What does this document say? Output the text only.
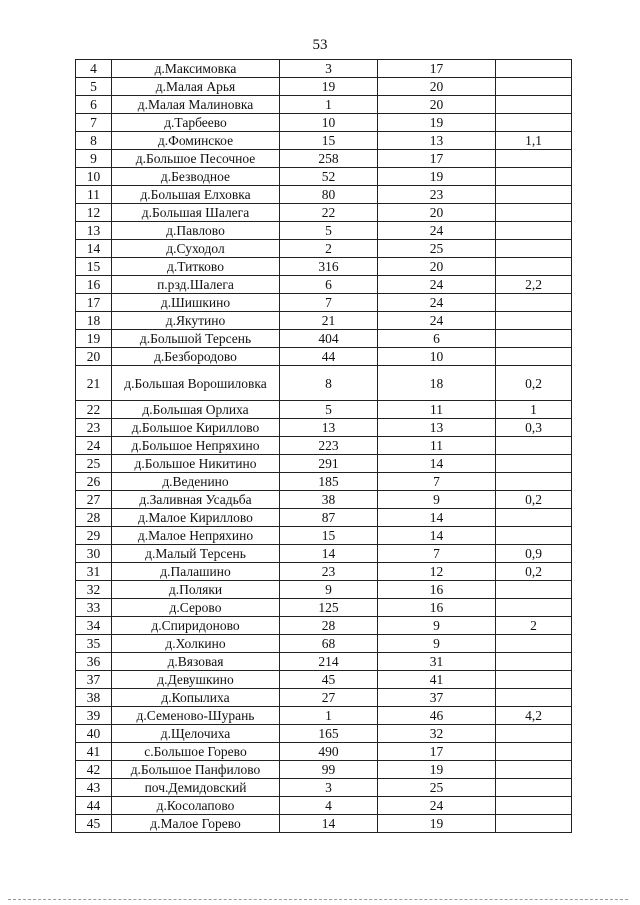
53
4	д.Максимовка	3	17	
5	д.Малая Арья	19	20	
6	д.Малая Малиновка	1	20	
7	д.Тарбеево	10	19	
8	д.Фоминское	15	13	1,1
9	д.Большое Песочное	258	17	
10	д.Безводное	52	19	
11	д.Большая Елховка	80	23	
12	д.Большая Шалега	22	20	
13	д.Павлово	5	24	
14	д.Суходол	2	25	
15	д.Титково	316	20	
16	п.рзд.Шалега	6	24	2,2
17	д.Шишкино	7	24	
18	д.Якутино	21	24	
19	д.Большой Терсень	404	6	
20	д.Безбородово	44	10	
21	д.Большая Ворошиловка	8	18	0,2
22	д.Большая Орлиха	5	11	1
23	д.Большое Кириллово	13	13	0,3
24	д.Большое Непряхино	223	11	
25	д.Большое Никитино	291	14	
26	д.Веденино	185	7	
27	д.Заливная Усадьба	38	9	0,2
28	д.Малое Кириллово	87	14	
29	д.Малое Непряхино	15	14	
30	д.Малый Терсень	14	7	0,9
31	д.Палашино	23	12	0,2
32	д.Поляки	9	16	
33	д.Серово	125	16	
34	д.Спиридоново	28	9	2
35	д.Холкино	68	9	
36	д.Вязовая	214	31	
37	д.Девушкино	45	41	
38	д.Копылиха	27	37	
39	д.Семеново-Шурань	1	46	4,2
40	д.Щелочиха	165	32	
41	с.Большое Горево	490	17	
42	д.Большое Панфилово	99	19	
43	поч.Демидовский	3	25	
44	д.Косолапово	4	24	
45	д.Малое Горево	14	19	
